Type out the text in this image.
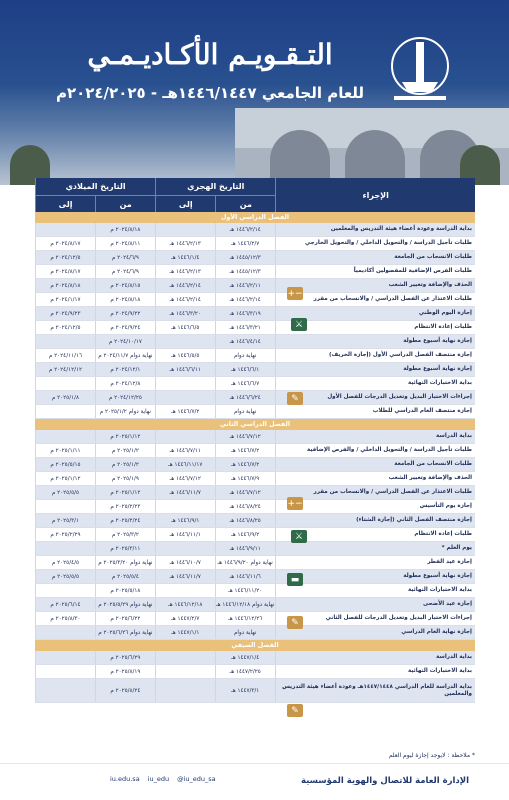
التـقـويـم الأكـاديـمـي
للعام الجامعي ١٤٤٦/١٤٤٧هـ - ٢٠٢٤/٢٠٢٥م
التاريخ الميلادي
إلى	من
التاريخ الهجري
إلى	من
الإجراء
الفصل الدراسي الأول
٢٠٢٤/٨/١٨ م	١٤٤٦/٢/١٤ هـ	بداية الدراسة وعودة أعضاء هيئة التدريس والمعلمين
٢٠٢٤/٨/١٧ م	٢٠٢٤/٨/١١ م	١٤٤٦/٢/١٣ هـ	١٤٤٦/٢/٧ هـ	طلبات تأجيل الدراسة / والتحويل الداخلي / والتحويل الخارجي
٢٠٢٤/١٢/٥ م	٢٠٢٤/٦/٩ م	١٤٤٦/١/٤ هـ	١٤٤٥/١٢/٣ هـ	طلبات الانسحاب من الجامعة
٢٠٢٤/٨/١٧ م	٢٠٢٤/٦/٩ م	١٤٤٦/٢/١٣ هـ	١٤٤٥/١٢/٣ هـ	طلبات الفرص الإضافية للمفصولين أكاديمياً
٢٠٢٤/٨/١٨ م	٢٠٢٤/٨/١٥ م	١٤٤٦/٢/١٤ هـ	١٤٤٦/٢/١١ هـ	الحذف والإضافة وتغيير الشعب
٢٠٢٤/١/١٧ م	٢٠٢٤/٨/١٨ م	١٤٤٦/٢/١٤ هـ	١٤٤٦/٢/١٤ هـ	طلبات الاعتذار عن الفصل الدراسي / والانسحاب من مقرر
٢٠٢٤/٩/٢٣ م	٢٠٢٤/٩/٢٢ م	١٤٤٦/٣/٢٠ هـ	١٤٤٦/٣/١٩ هـ	إجازة اليوم الوطني
٢٠٢٤/١٢/٥ م	٢٠٢٤/٩/٢٤ م	١٤٤٦/٦/٥ هـ	١٤٤٦/٣/٢١ هـ	طلبات إعادة الانتظام
٢٠٢٤/١٠/١٧ م	١٤٤٦/٤/١٤ هـ	إجازة نهاية أسبوع مطولة
٢٠٢٤/١١/١٦ م	نهاية دوام ٢٠٢٤/١١/٧ م	١٤٤٦/٥/٥ هـ	نهاية دوام	إجازة منتصف الفصل الدراسي الأول (إجازة الخريف)
٢٠٢٤/١٢/١٢ م	٢٠٢٤/١٢/١ م	١٤٤٦/٦/١١ هـ	١٤٤٦/٦/١ هـ	إجازة نهاية أسبوع مطولة
٢٠٢٤/١٢/٨ م	١٤٤٦/٦/٧ هـ	بداية الاختبارات النهائية
٢٠٢٥/١/٨ م	٢٠٢٤/١٢/٢٥ م	١٤٤٦/٦/٢٤ هـ	إجراءات الاختبار البديل وتعديل الدرجات للفصل الأول
نهاية دوام ٢٠٢٥/١/٢ م	١٤٤٦/٧/٢ هـ	نهاية دوام	إجازة منتصف العام الدراسي للطلاب
الفصل الدراسي الثاني
٢٠٢٥/١/١٢ م	١٤٤٦/٧/١٢ هـ	بداية الدراسة
٢٠٢٥/١/١١ م	٢٠٢٥/١/٢ م	١٤٤٦/٧/١١ هـ	١٤٤٦/٧/٢ هـ	طلبات تأجيل الدراسة / والتحويل الداخلي / والفرص الإضافية
٢٠٢٥/٥/١٥ م	٢٠٢٥/١/٢ م	١٤٤٦/١١/١٧ هـ	١٤٤٦/٧/٢ هـ	طلبات الانسحاب من الجامعة
٢٠٢٥/١/١٢ م	٢٠٢٥/١/٩ م	١٤٤٦/٧/١٢ هـ	١٤٤٦/٧/٩ هـ	الحذف والإضافة وتغيير الشعب
٢٠٢٥/٥/٥ م	٢٠٢٥/١/١٢ م	١٤٤٦/١١/٧ هـ	١٤٤٦/٧/١٢ هـ	طلبات الاعتذار عن الفصل الدراسي / والانسحاب من مقرر
٢٠٢٥/٢/٢٣ م	١٤٤٦/٨/٢٤ هـ	إجازة يوم التأسيس
٢٠٢٥/٣/١ م	٢٠٢٥/٢/٢٤ م	١٤٤٦/٩/١ هـ	١٤٤٦/٨/٢٥ هـ	إجازة منتصف الفصل الثاني (إجازة الشتاء)
٢٠٢٥/٢/٢٩ م	٢٠٢٥/٣/٢ م	١٤٤٦/١١/١ هـ	١٤٤٦/٩/٢ هـ	طلبات إعادة الانتظام
٢٠٢٥/٣/١١ م	١٤٤٦/٩/١١ هـ	يوم العلم *
٢٠٢٥/٤/٥ م	نهاية دوام ٢٠٢٥/٣/٢٠ م	١٤٤٦/١٠/٧ هـ	نهاية دوام ١٤٤٦/٩/٢٠ هـ	إجازة عيد الفطر
٢٠٢٥/٥/٥ م	٢٠٢٥/٥/٤ م	١٤٤٦/١١/٧ هـ	١٤٤٦/١١/٦ هـ	إجازة نهاية أسبوع مطولة
٢٠٢٥/٥/١٨ م	١٤٤٦/١١/٢٠ هـ	بداية الاختبارات النهائية
٢٠٢٥/٦/١٤ م	نهاية دوام ٢٠٢٥/٥/٢٩ م	١٤٤٦/١٢/١٨ هـ	نهاية دوام ١٤٤٦/١٢/١٨ هـ	إجازة عيد الأضحى
٢٠٢٥/٨/٣٠ م	٢٠٢٥/٦/٢٢ م	١٤٤٧/٢/٧ هـ	١٤٤٦/١٢/٢٦ هـ	إجراءات الاختبار البديل وتعديل الدرجات للفصل الثاني
نهاية دوام ٢٠٢٥/٦/٢٦ م	١٤٤٧/١/١ هـ	نهاية دوام	إجازة نهاية العام الدراسي
الفصل الصيفي
٢٠٢٥/٦/٢٩ م	١٤٤٧/١/٤ هـ	بداية الدراسة
٢٠٢٥/٨/١٩ م	١٤٤٧/٢/٢٥ هـ	بداية الاختبارات النهائية
٢٠٢٥/٨/٢٤ م	١٤٤٧/٣/١ هـ
بداية الدراسة للعام الدراسي ١٤٤٧/١٤٤٨هـ وعودة أعضاء هيئة التدريس والمعلمين
+−
⚔
✎
+−
⚔
▬
✎
✎
* ملاحظة : لايوجد إجازة ليوم العلم
الإدارة العامة للاتصال والهوية المؤسسية
iu.edu.sa iu_edu @iu_edu_sa
